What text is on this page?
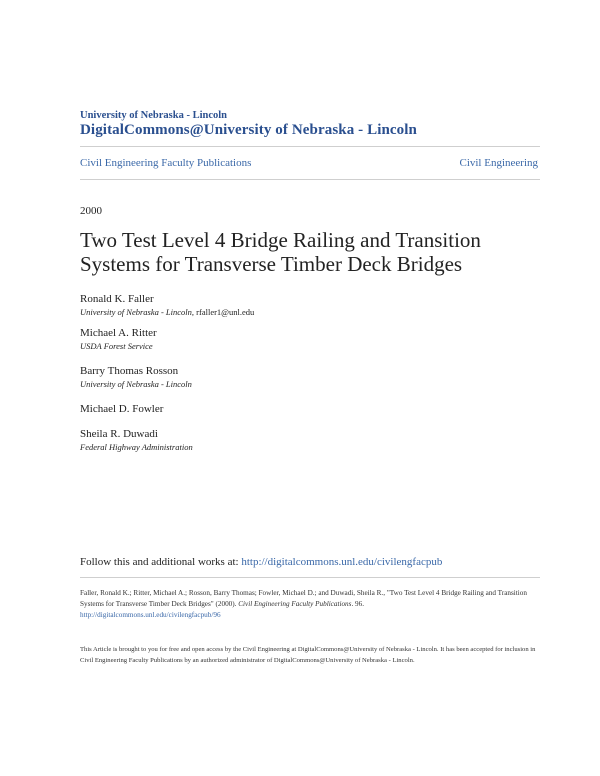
University of Nebraska - Lincoln
DigitalCommons@University of Nebraska - Lincoln
Civil Engineering Faculty Publications	Civil Engineering
2000
Two Test Level 4 Bridge Railing and Transition Systems for Transverse Timber Deck Bridges
Ronald K. Faller
University of Nebraska - Lincoln, rfaller1@unl.edu
Michael A. Ritter
USDA Forest Service
Barry Thomas Rosson
University of Nebraska - Lincoln
Michael D. Fowler
Sheila R. Duwadi
Federal Highway Administration
Follow this and additional works at: http://digitalcommons.unl.edu/civilengfacpub
Faller, Ronald K.; Ritter, Michael A.; Rosson, Barry Thomas; Fowler, Michael D.; and Duwadi, Sheila R., "Two Test Level 4 Bridge Railing and Transition Systems for Transverse Timber Deck Bridges" (2000). Civil Engineering Faculty Publications. 96.
http://digitalcommons.unl.edu/civilengfacpub/96
This Article is brought to you for free and open access by the Civil Engineering at DigitalCommons@University of Nebraska - Lincoln. It has been accepted for inclusion in Civil Engineering Faculty Publications by an authorized administrator of DigitalCommons@University of Nebraska - Lincoln.
